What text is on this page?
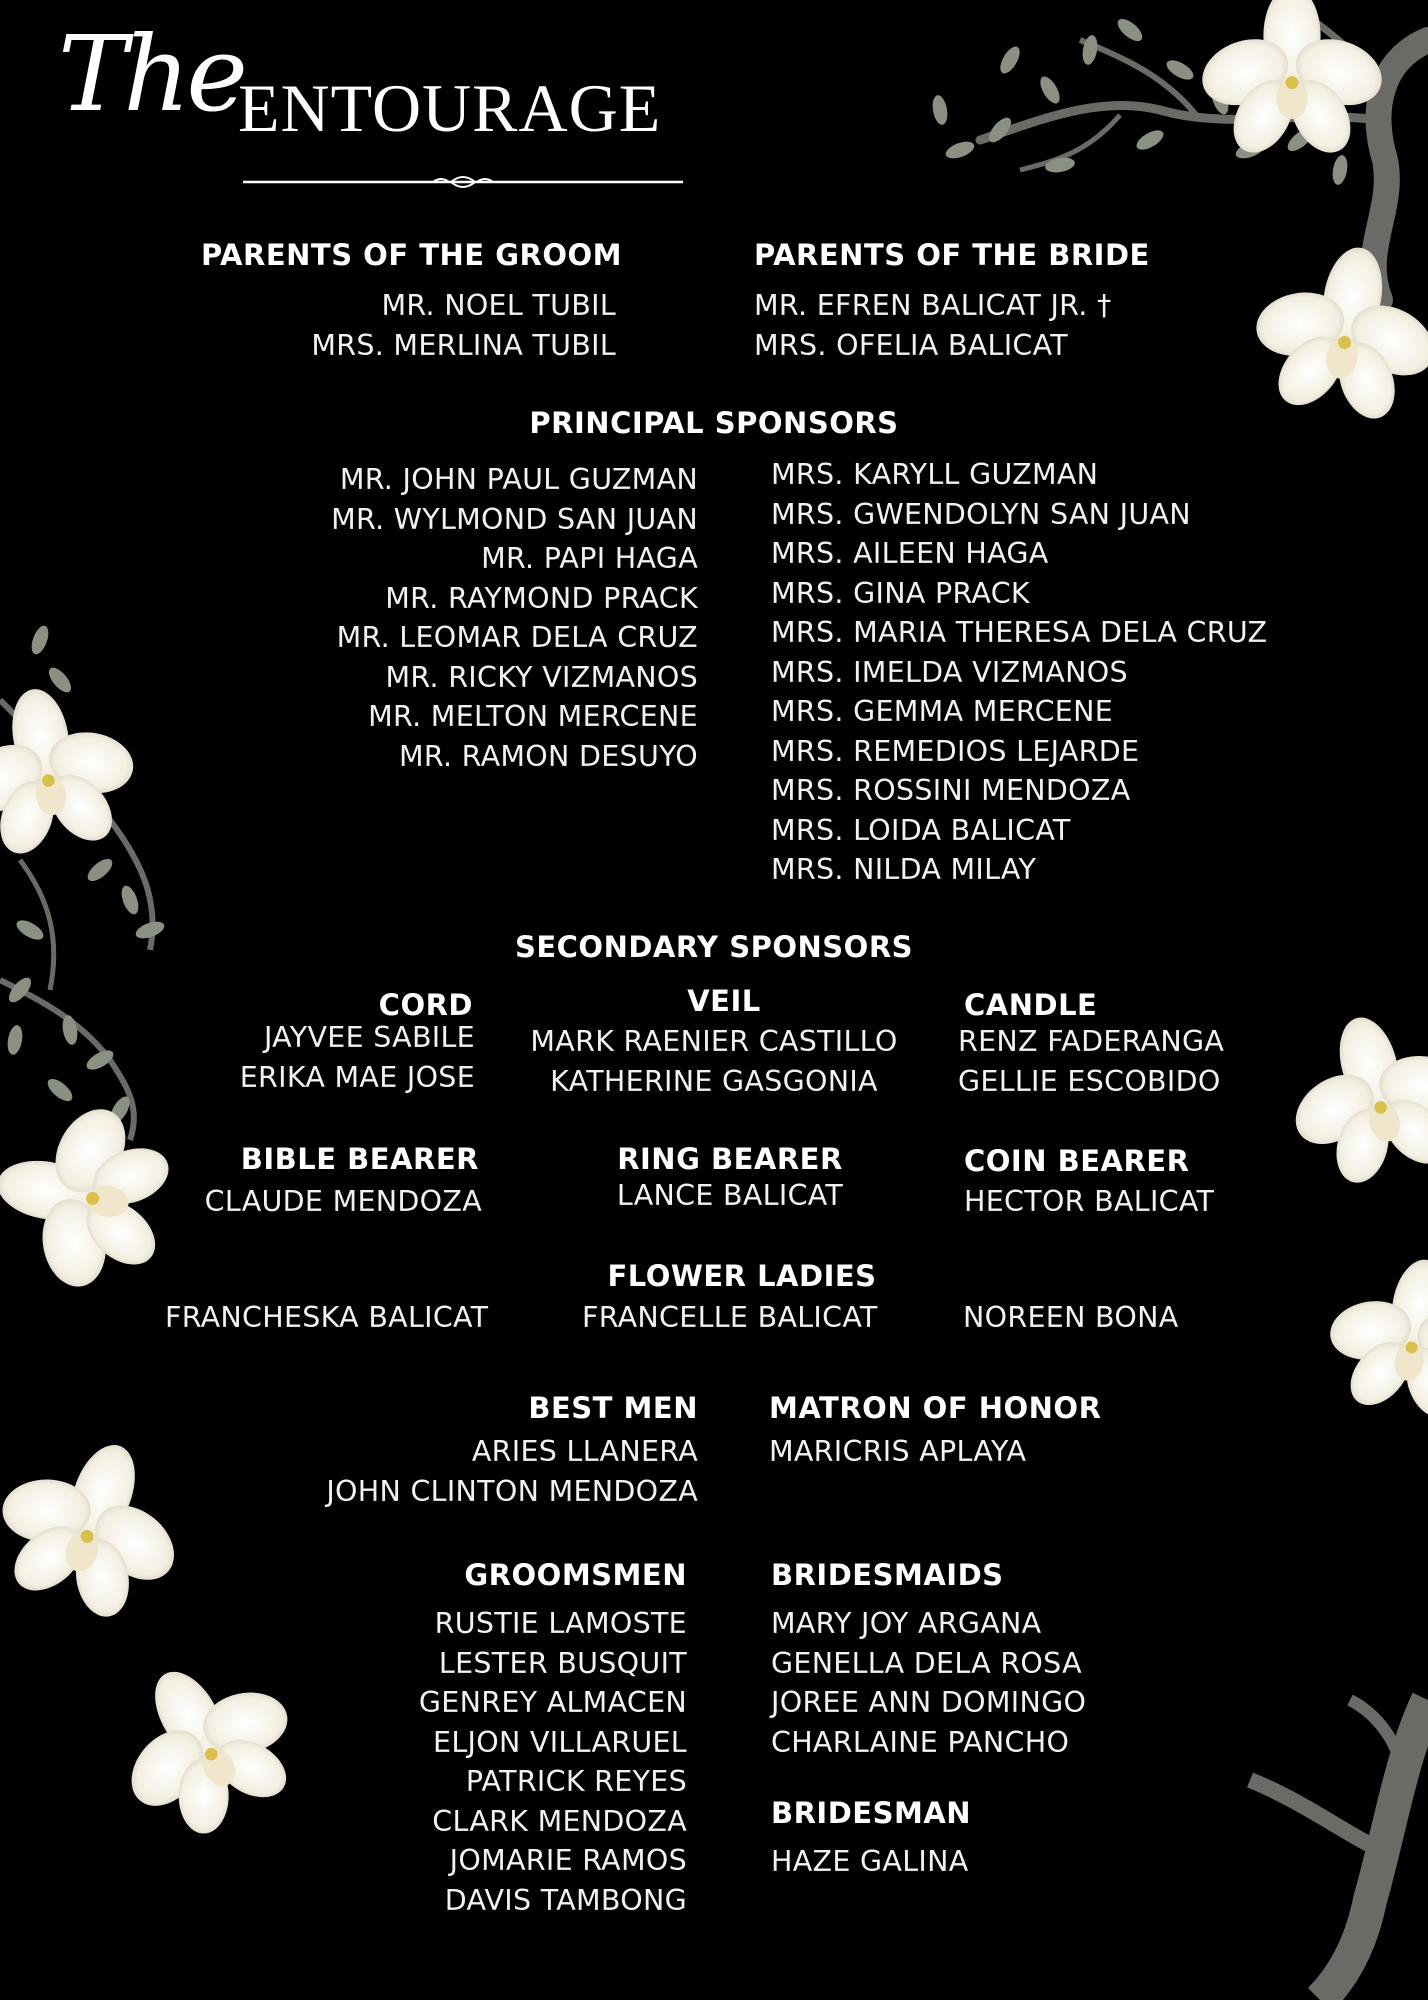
The
ENTOURAGE
PARENTS OF THE GROOM
MR. NOEL TUBIL
MRS. MERLINA TUBIL
PARENTS OF THE BRIDE
MR. EFREN BALICAT JR. †
MRS. OFELIA BALICAT
PRINCIPAL SPONSORS
MR. JOHN PAUL GUZMAN
MR. WYLMOND SAN JUAN
MR. PAPI HAGA
MR. RAYMOND PRACK
MR. LEOMAR DELA CRUZ
MR. RICKY VIZMANOS
MR. MELTON MERCENE
MR. RAMON DESUYO
MRS. KARYLL GUZMAN
MRS. GWENDOLYN SAN JUAN
MRS. AILEEN HAGA
MRS. GINA PRACK
MRS. MARIA THERESA DELA CRUZ
MRS. IMELDA VIZMANOS
MRS. GEMMA MERCENE
MRS. REMEDIOS LEJARDE
MRS. ROSSINI MENDOZA
MRS. LOIDA BALICAT
MRS. NILDA MILAY
SECONDARY SPONSORS
CORD
JAYVEE SABILE
ERIKA MAE JOSE
VEIL
MARK RAENIER CASTILLO
KATHERINE GASGONIA
CANDLE
RENZ FADERANGA
GELLIE ESCOBIDO
BIBLE BEARER
CLAUDE MENDOZA
RING BEARER
LANCE BALICAT
COIN BEARER
HECTOR BALICAT
FLOWER LADIES
FRANCHESKA BALICAT	FRANCELLE BALICAT	NOREEN BONA
BEST MEN
ARIES LLANERA
JOHN CLINTON MENDOZA
MATRON OF HONOR
MARICRIS APLAYA
GROOMSMEN
RUSTIE LAMOSTE
LESTER BUSQUIT
GENREY ALMACEN
ELJON VILLARUEL
PATRICK REYES
CLARK MENDOZA
JOMARIE RAMOS
DAVIS TAMBONG
BRIDESMAIDS
MARY JOY ARGANA
GENELLA DELA ROSA
JOREE ANN DOMINGO
CHARLAINE PANCHO
BRIDESMAN
HAZE GALINA
